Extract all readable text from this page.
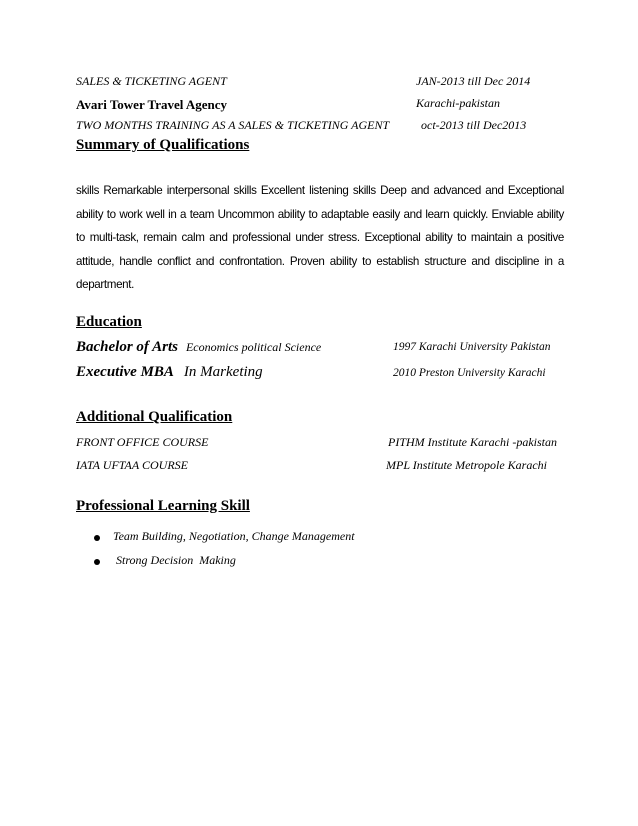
SALES & TICKETING AGENT	JAN-2013 till Dec 2014
Avari Tower Travel Agency	Karachi-pakistan
TWO MONTHS TRAINING AS A SALES & TICKETING AGENT	oct-2013 till Dec2013
Summary of Qualifications

skills Remarkable interpersonal skills Excellent listening skills Deep and advanced and Exceptional ability to work well in a team Uncommon ability to adaptable easily and learn quickly. Enviable ability to multi-task, remain calm and professional under stress. Exceptional ability to maintain a positive attitude, handle conflict and confrontation. Proven ability to establish structure and discipline in a department.

Education
Bachelor of Arts Economics political Science	1997 Karachi University Pakistan
Executive MBA In Marketing	2010 Preston University Karachi
Additional Qualification
FRONT OFFICE COURSE	PITHM Institute Karachi -pakistan
IATA UFTAA COURSE	MPL Institute Metropole Karachi
Professional Learning Skill
Team Building, Negotiation, Change Management
Strong Decision  Making
